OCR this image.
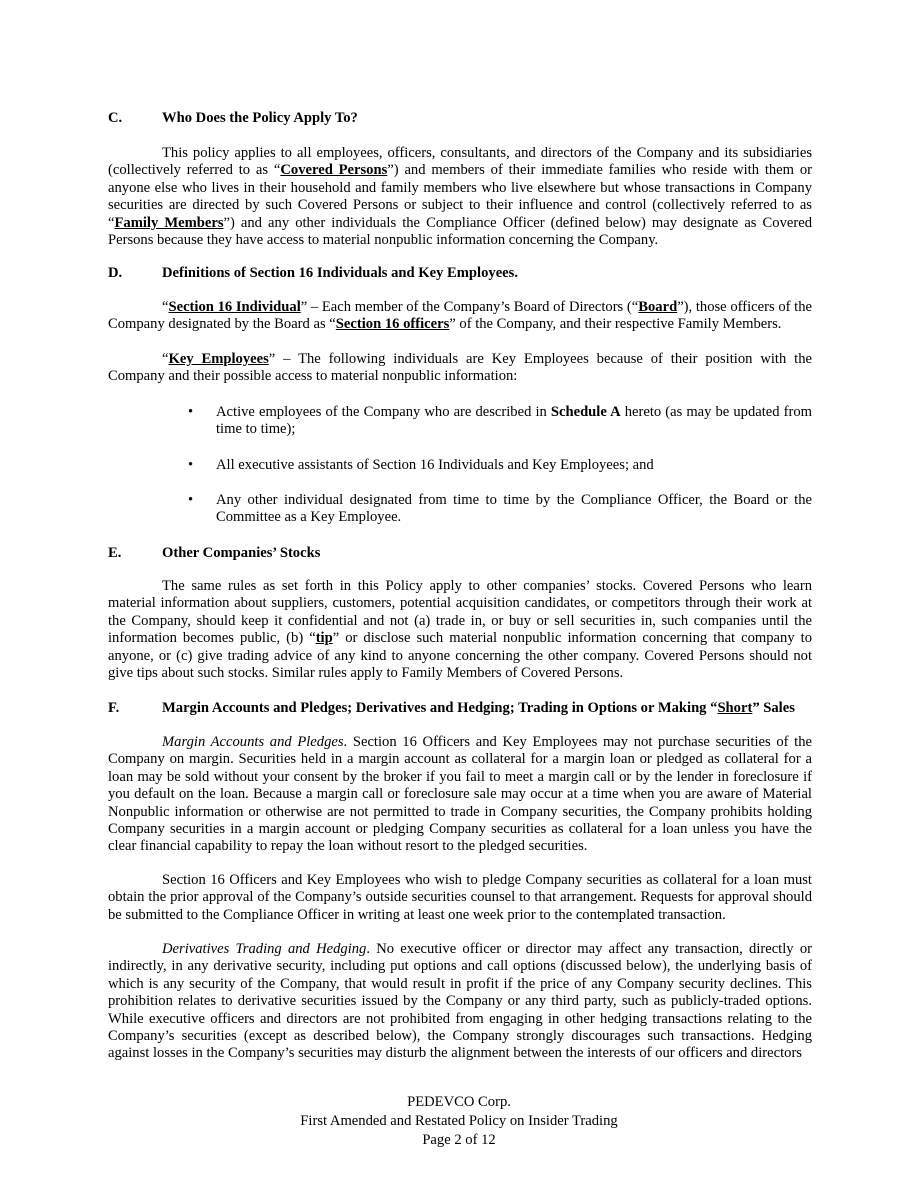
C.	Who Does the Policy Apply To?
This policy applies to all employees, officers, consultants, and directors of the Company and its subsidiaries (collectively referred to as “Covered Persons”) and members of their immediate families who reside with them or anyone else who lives in their household and family members who live elsewhere but whose transactions in Company securities are directed by such Covered Persons or subject to their influence and control (collectively referred to as “Family Members”) and any other individuals the Compliance Officer (defined below) may designate as Covered Persons because they have access to material nonpublic information concerning the Company.
D.	Definitions of Section 16 Individuals and Key Employees.
“Section 16 Individual” – Each member of the Company’s Board of Directors (“Board”), those officers of the Company designated by the Board as “Section 16 officers” of the Company, and their respective Family Members.
“Key Employees” – The following individuals are Key Employees because of their position with the Company and their possible access to material nonpublic information:
• Active employees of the Company who are described in Schedule A hereto (as may be updated from time to time);
• All executive assistants of Section 16 Individuals and Key Employees; and
• Any other individual designated from time to time by the Compliance Officer, the Board or the Committee as a Key Employee.
E.	Other Companies’ Stocks
The same rules as set forth in this Policy apply to other companies’ stocks. Covered Persons who learn material information about suppliers, customers, potential acquisition candidates, or competitors through their work at the Company, should keep it confidential and not (a) trade in, or buy or sell securities in, such companies until the information becomes public, (b) “tip” or disclose such material nonpublic information concerning that company to anyone, or (c) give trading advice of any kind to anyone concerning the other company. Covered Persons should not give tips about such stocks. Similar rules apply to Family Members of Covered Persons.
F.	Margin Accounts and Pledges; Derivatives and Hedging; Trading in Options or Making “Short” Sales
Margin Accounts and Pledges. Section 16 Officers and Key Employees may not purchase securities of the Company on margin. Securities held in a margin account as collateral for a margin loan or pledged as collateral for a loan may be sold without your consent by the broker if you fail to meet a margin call or by the lender in foreclosure if you default on the loan. Because a margin call or foreclosure sale may occur at a time when you are aware of Material Nonpublic information or otherwise are not permitted to trade in Company securities, the Company prohibits holding Company securities in a margin account or pledging Company securities as collateral for a loan unless you have the clear financial capability to repay the loan without resort to the pledged securities.
Section 16 Officers and Key Employees who wish to pledge Company securities as collateral for a loan must obtain the prior approval of the Company’s outside securities counsel to that arrangement. Requests for approval should be submitted to the Compliance Officer in writing at least one week prior to the contemplated transaction.
Derivatives Trading and Hedging. No executive officer or director may affect any transaction, directly or indirectly, in any derivative security, including put options and call options (discussed below), the underlying basis of which is any security of the Company, that would result in profit if the price of any Company security declines. This prohibition relates to derivative securities issued by the Company or any third party, such as publicly-traded options. While executive officers and directors are not prohibited from engaging in other hedging transactions relating to the Company’s securities (except as described below), the Company strongly discourages such transactions. Hedging against losses in the Company’s securities may disturb the alignment between the interests of our officers and directors
PEDEVCO Corp.
First Amended and Restated Policy on Insider Trading
Page 2 of 12
